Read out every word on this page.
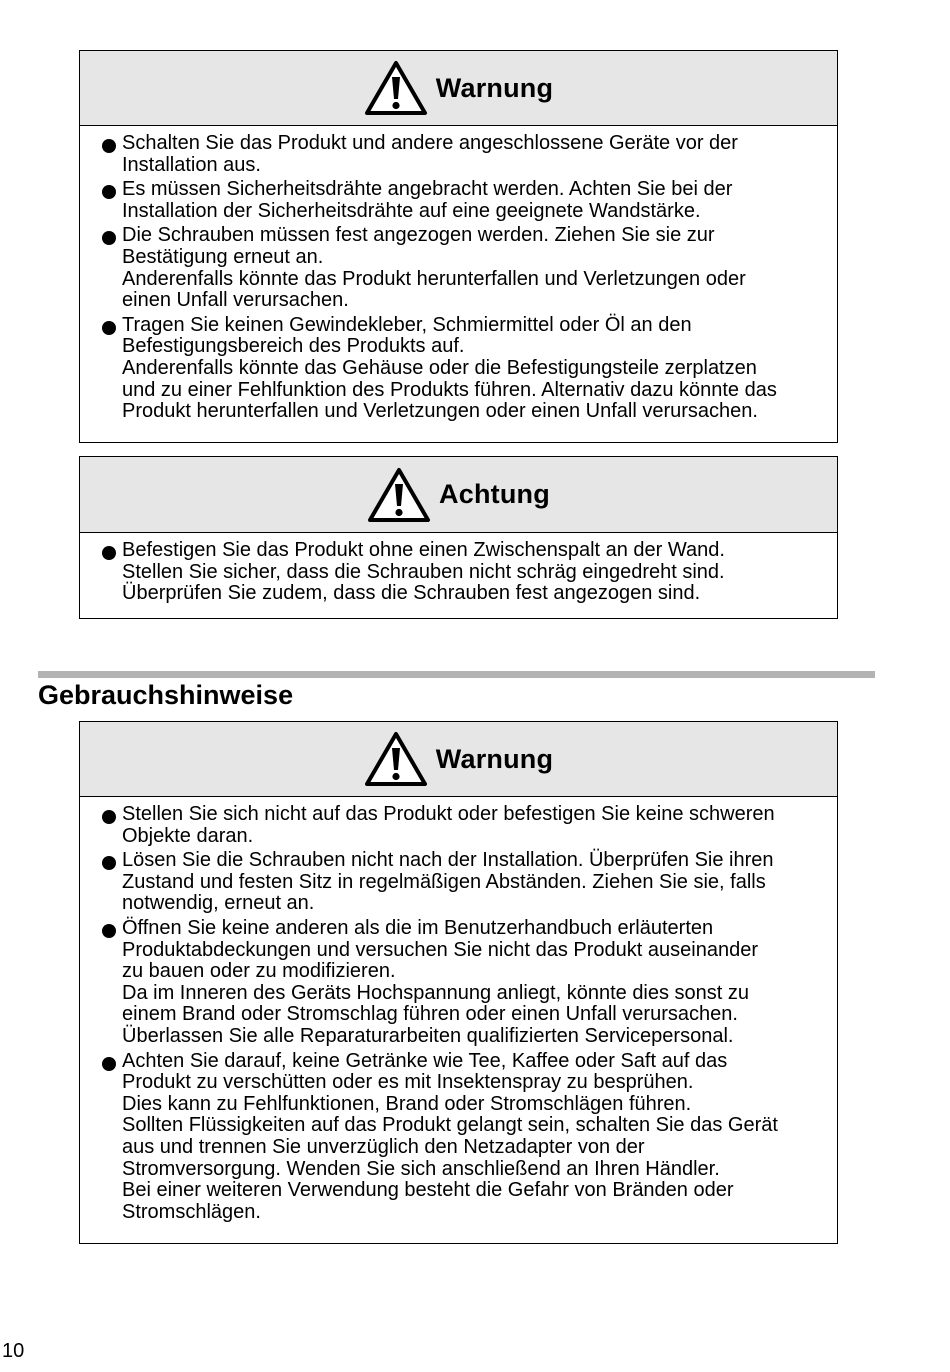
Warnung
Schalten Sie das Produkt und andere angeschlossene Geräte vor der
Installation aus.
Es müssen Sicherheitsdrähte angebracht werden. Achten Sie bei der
Installation der Sicherheitsdrähte auf eine geeignete Wandstärke.
Die Schrauben müssen fest angezogen werden. Ziehen Sie sie zur
Bestätigung erneut an.
Anderenfalls könnte das Produkt herunterfallen und Verletzungen oder
einen Unfall verursachen.
Tragen Sie keinen Gewindekleber, Schmiermittel oder Öl an den
Befestigungsbereich des Produkts auf.
Anderenfalls könnte das Gehäuse oder die Befestigungsteile zerplatzen
und zu einer Fehlfunktion des Produkts führen. Alternativ dazu könnte das
Produkt herunterfallen und Verletzungen oder einen Unfall verursachen.
Achtung
Befestigen Sie das Produkt ohne einen Zwischenspalt an der Wand.
Stellen Sie sicher, dass die Schrauben nicht schräg eingedreht sind.
Überprüfen Sie zudem, dass die Schrauben fest angezogen sind.
Gebrauchshinweise
Warnung
Stellen Sie sich nicht auf das Produkt oder befestigen Sie keine schweren
Objekte daran.
Lösen Sie die Schrauben nicht nach der Installation. Überprüfen Sie ihren
Zustand und festen Sitz in regelmäßigen Abständen. Ziehen Sie sie, falls
notwendig, erneut an.
Öffnen Sie keine anderen als die im Benutzerhandbuch erläuterten
Produktabdeckungen und versuchen Sie nicht das Produkt auseinander
zu bauen oder zu modifizieren.
Da im Inneren des Geräts Hochspannung anliegt, könnte dies sonst zu
einem Brand oder Stromschlag führen oder einen Unfall verursachen.
Überlassen Sie alle Reparaturarbeiten qualifizierten Servicepersonal.
Achten Sie darauf, keine Getränke wie Tee, Kaffee oder Saft auf das
Produkt zu verschütten oder es mit Insektenspray zu besprühen.
Dies kann zu Fehlfunktionen, Brand oder Stromschlägen führen.
Sollten Flüssigkeiten auf das Produkt gelangt sein, schalten Sie das Gerät
aus und trennen Sie unverzüglich den Netzadapter von der
Stromversorgung. Wenden Sie sich anschließend an Ihren Händler.
Bei einer weiteren Verwendung besteht die Gefahr von Bränden oder
Stromschlägen.
10
